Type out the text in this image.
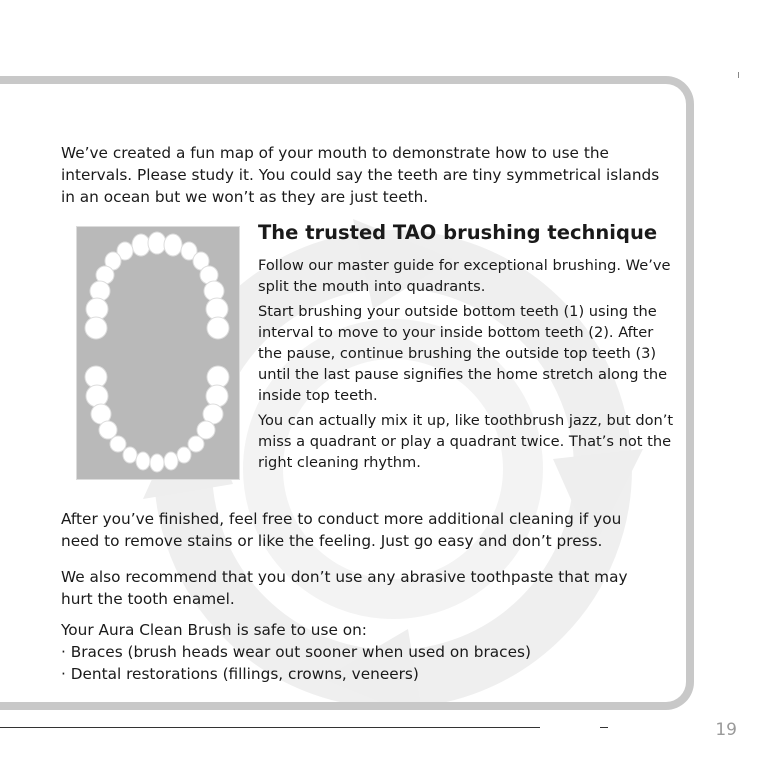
We’ve created a fun map of your mouth to demonstrate how to use the intervals. Please study it. You could say the teeth are tiny symmetrical islands in an ocean but we won’t as they are just teeth.

The trusted TAO brushing technique

Follow our master guide for exceptional brushing. We’ve split the mouth into quadrants.

Start brushing your outside bottom teeth (1) using the interval to move to your inside bottom teeth (2). After the pause, continue brushing the outside top teeth (3) until the last pause signifies the home stretch along the inside top teeth.

You can actually mix it up, like toothbrush jazz, but don’t miss a quadrant or play a quadrant twice. That’s not the right cleaning rhythm.

After you’ve finished, feel free to conduct more additional cleaning if you need to remove stains or like the feeling. Just go easy and don’t press.

We also recommend that you don’t use any abrasive toothpaste that may hurt the tooth enamel.

Your Aura Clean Brush is safe to use on:
· Braces (brush heads wear out sooner when used on braces)
· Dental restorations (fillings, crowns, veneers)
19
